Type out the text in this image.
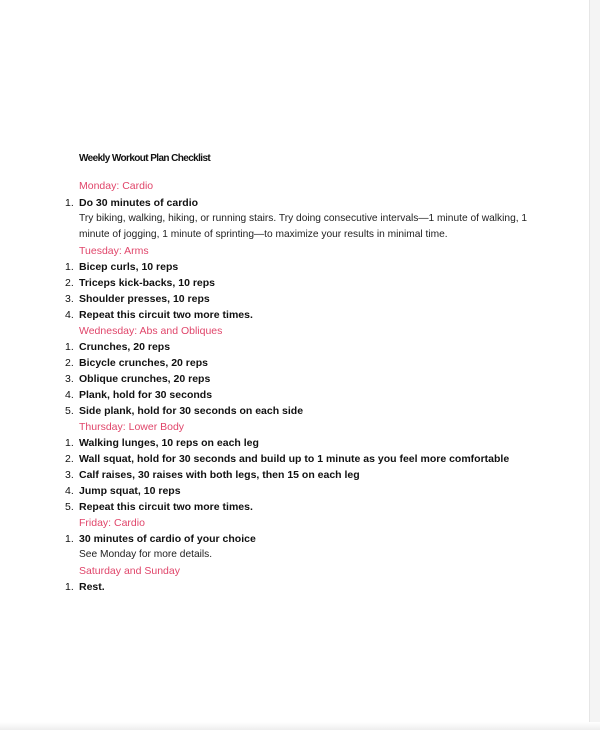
Weekly Workout Plan Checklist
Monday: Cardio
1. Do 30 minutes of cardio
Try biking, walking, hiking, or running stairs. Try doing consecutive intervals—1 minute of walking, 1 minute of jogging, 1 minute of sprinting—to maximize your results in minimal time.
Tuesday: Arms
1. Bicep curls, 10 reps
2. Triceps kick-backs, 10 reps
3. Shoulder presses, 10 reps
4. Repeat this circuit two more times.
Wednesday: Abs and Obliques
1. Crunches, 20 reps
2. Bicycle crunches, 20 reps
3. Oblique crunches, 20 reps
4. Plank, hold for 30 seconds
5. Side plank, hold for 30 seconds on each side
Thursday: Lower Body
1. Walking lunges, 10 reps on each leg
2. Wall squat, hold for 30 seconds and build up to 1 minute as you feel more comfortable
3. Calf raises, 30 raises with both legs, then 15 on each leg
4. Jump squat, 10 reps
5. Repeat this circuit two more times.
Friday: Cardio
1. 30 minutes of cardio of your choice
See Monday for more details.
Saturday and Sunday
1. Rest.
